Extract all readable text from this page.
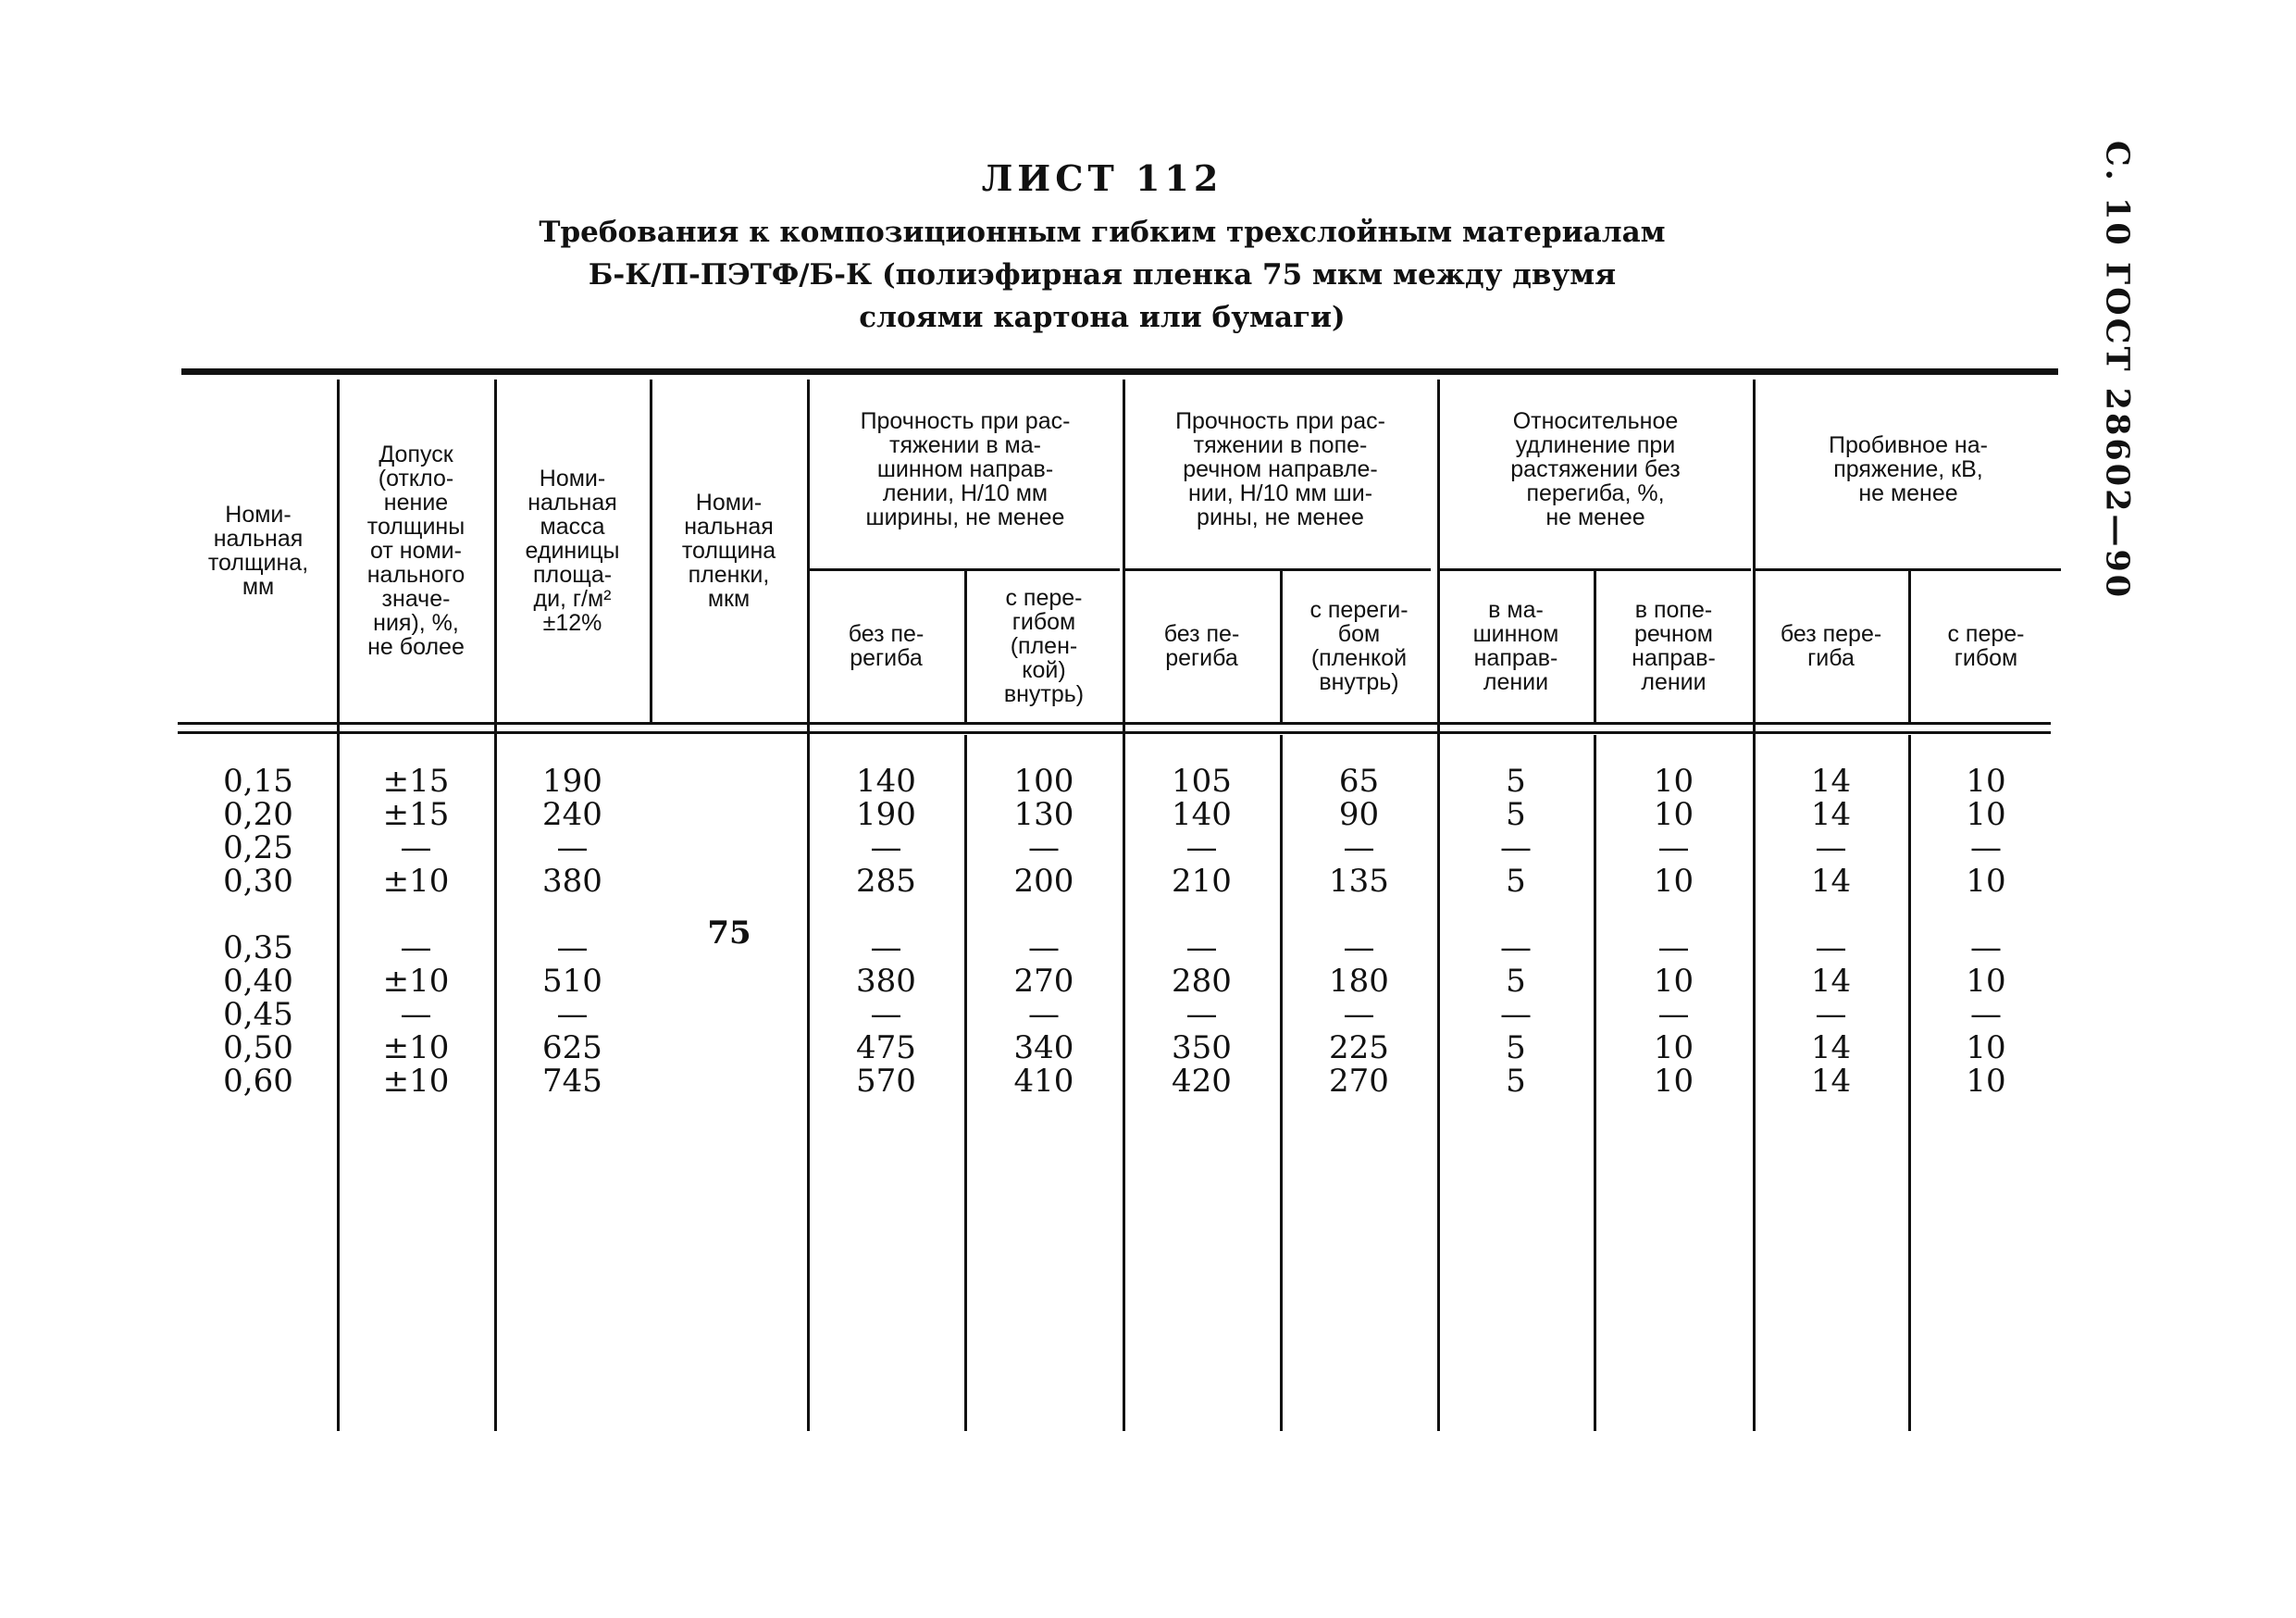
ЛИСТ 112
Требования к композиционным гибким трехслойным материалам
Б-К/П-ПЭТФ/Б-К (полиэфирная пленка 75 мкм между двумя
слоями картона или бумаги)	С. 10 ГОСТ 28602—90
Номи-
нальная
толщина,
мм
Допуск
(откло-
нение
толщины
от номи-
нального
значе-
ния), %,
не более
Номи-
нальная
масса
единицы
площа-
ди, г/м²
±12%
Номи-
нальная
толщина
пленки,
мкм
Прочность при рас-
тяжении в ма-
шинном направ-
лении, Н/10 мм
ширины, не менее
Прочность при рас-
тяжении в попе-
речном направле-
нии, Н/10 мм ши-
рины, не менее
Относительное
удлинение при
растяжении без
перегиба, %,
не менее
Пробивное на-
пряжение, кВ,
не менее
без пе-
региба
с пере-
гибом
(плен-
кой)
внутрь)
без пе-
региба
с переги-
бом
(пленкой
внутрь)
в ма-
шинном
направ-
лении
в попе-
речном
направ-
лении
без пере-
гиба
с пере-
гибом
0,15
0,20
0,25
0,30
0,35
0,40
0,45
0,50
0,60
±15
±15
—
±10
—
±10
—
±10
±10
190
240
—
380
—
510
—
625
745
75
140
190
—
285
—
380
—
475
570
100
130
—
200
—
270
—
340
410
105
140
—
210
—
280
—
350
420
65
90
—
135
—
180
—
225
270
5
5
—
5
—
5
—
5
5
10
10
—
10
—
10
—
10
10
14
14
—
14
—
14
—
14
14
10
10
—
10
—
10
—
10
10
